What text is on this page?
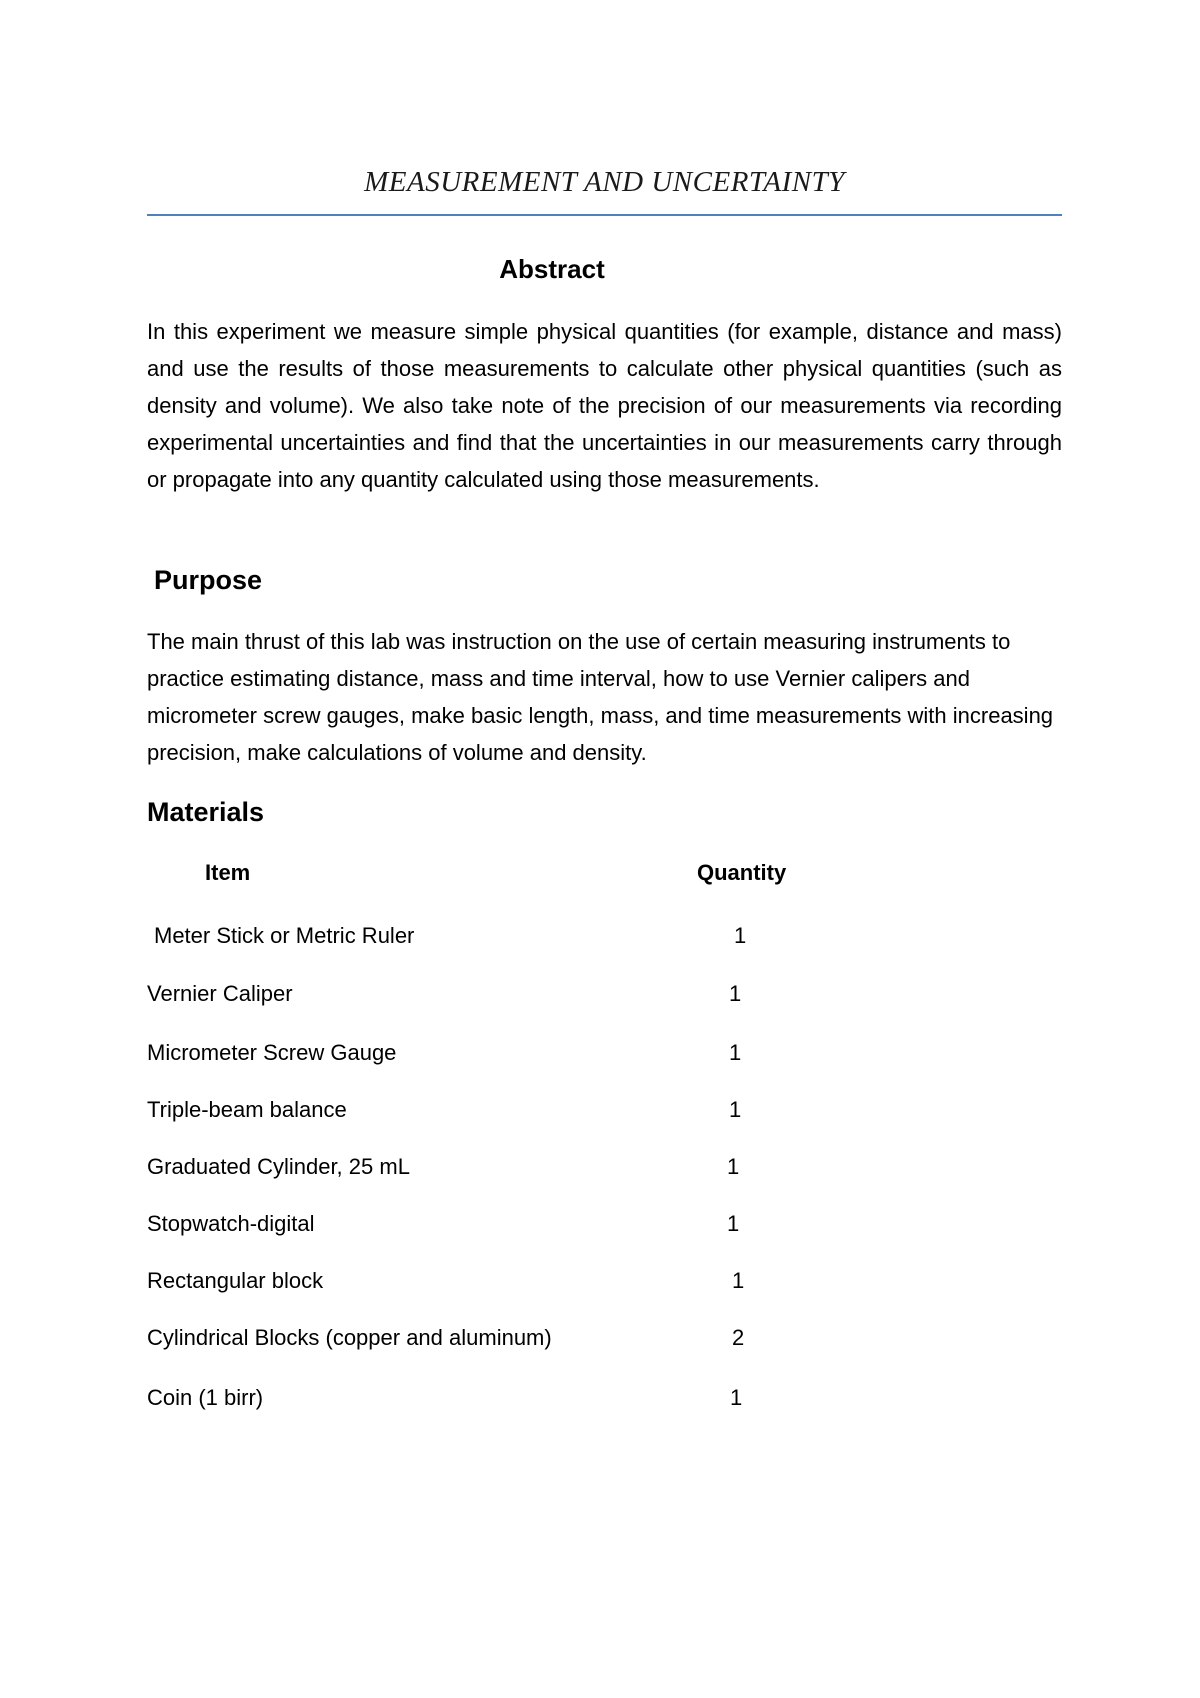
MEASUREMENT AND UNCERTAINTY
Abstract

In this experiment we measure simple physical quantities (for example, distance and mass) and use the results of those measurements to calculate other physical quantities (such as density and volume). We also take note of the precision of our measurements via recording experimental uncertainties and find that the uncertainties in our measurements carry through or propagate into any quantity calculated using those measurements.

Purpose

The main thrust of this lab was instruction on the use of certain measuring instruments to practice estimating distance, mass and time interval, how to use Vernier calipers and micrometer screw gauges, make basic length, mass, and time measurements with increasing precision, make calculations of volume and density.

Materials
Item	Quantity
Meter Stick or Metric Ruler	1
Vernier Caliper	1
Micrometer Screw Gauge	1
Triple-beam balance	1
Graduated Cylinder, 25 mL	1
Stopwatch-digital	1
Rectangular block	1
Cylindrical Blocks (copper and aluminum)	2
Coin (1 birr)	1
